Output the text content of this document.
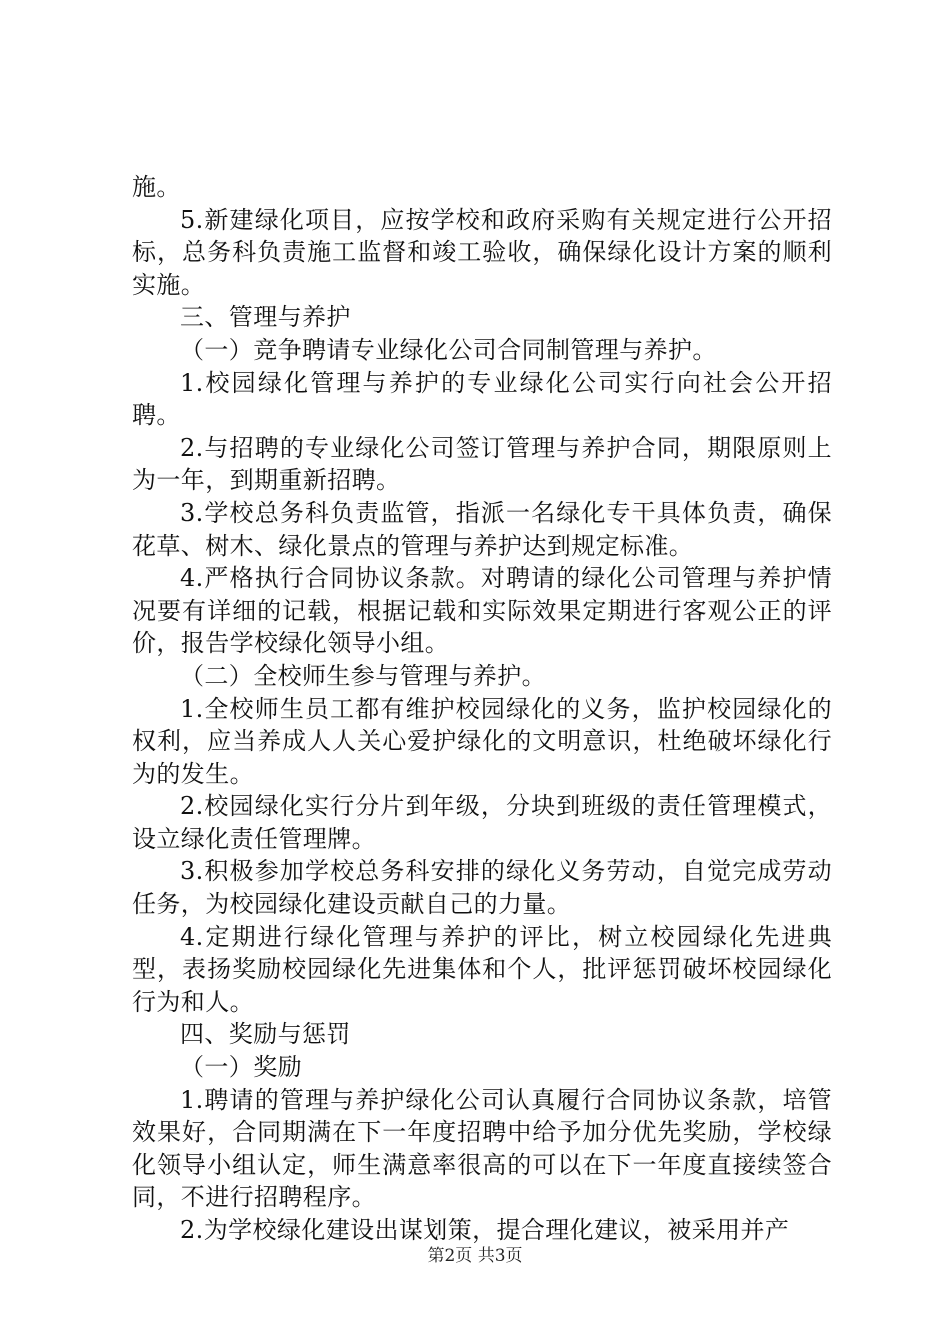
施。

5.新建绿化项目，应按学校和政府采购有关规定进行公开招标，总务科负责施工监督和竣工验收，确保绿化设计方案的顺利实施。

三、管理与养护

（一）竞争聘请专业绿化公司合同制管理与养护。

1.校园绿化管理与养护的专业绿化公司实行向社会公开招聘。

2.与招聘的专业绿化公司签订管理与养护合同，期限原则上为一年，到期重新招聘。

3.学校总务科负责监管，指派一名绿化专干具体负责，确保花草、树木、绿化景点的管理与养护达到规定标准。

4.严格执行合同协议条款。对聘请的绿化公司管理与养护情况要有详细的记载，根据记载和实际效果定期进行客观公正的评价，报告学校绿化领导小组。

（二）全校师生参与管理与养护。

1.全校师生员工都有维护校园绿化的义务，监护校园绿化的权利，应当养成人人关心爱护绿化的文明意识，杜绝破坏绿化行为的发生。

2.校园绿化实行分片到年级，分块到班级的责任管理模式，设立绿化责任管理牌。

3.积极参加学校总务科安排的绿化义务劳动，自觉完成劳动任务，为校园绿化建设贡献自己的力量。

4.定期进行绿化管理与养护的评比，树立校园绿化先进典型，表扬奖励校园绿化先进集体和个人，批评惩罚破坏校园绿化行为和人。

四、奖励与惩罚

（一）奖励

1.聘请的管理与养护绿化公司认真履行合同协议条款，培管效果好，合同期满在下一年度招聘中给予加分优先奖励，学校绿化领导小组认定，师生满意率很高的可以在下一年度直接续签合同，不进行招聘程序。

2.为学校绿化建设出谋划策，提合理化建议，被采用并产

第2页 共3页
